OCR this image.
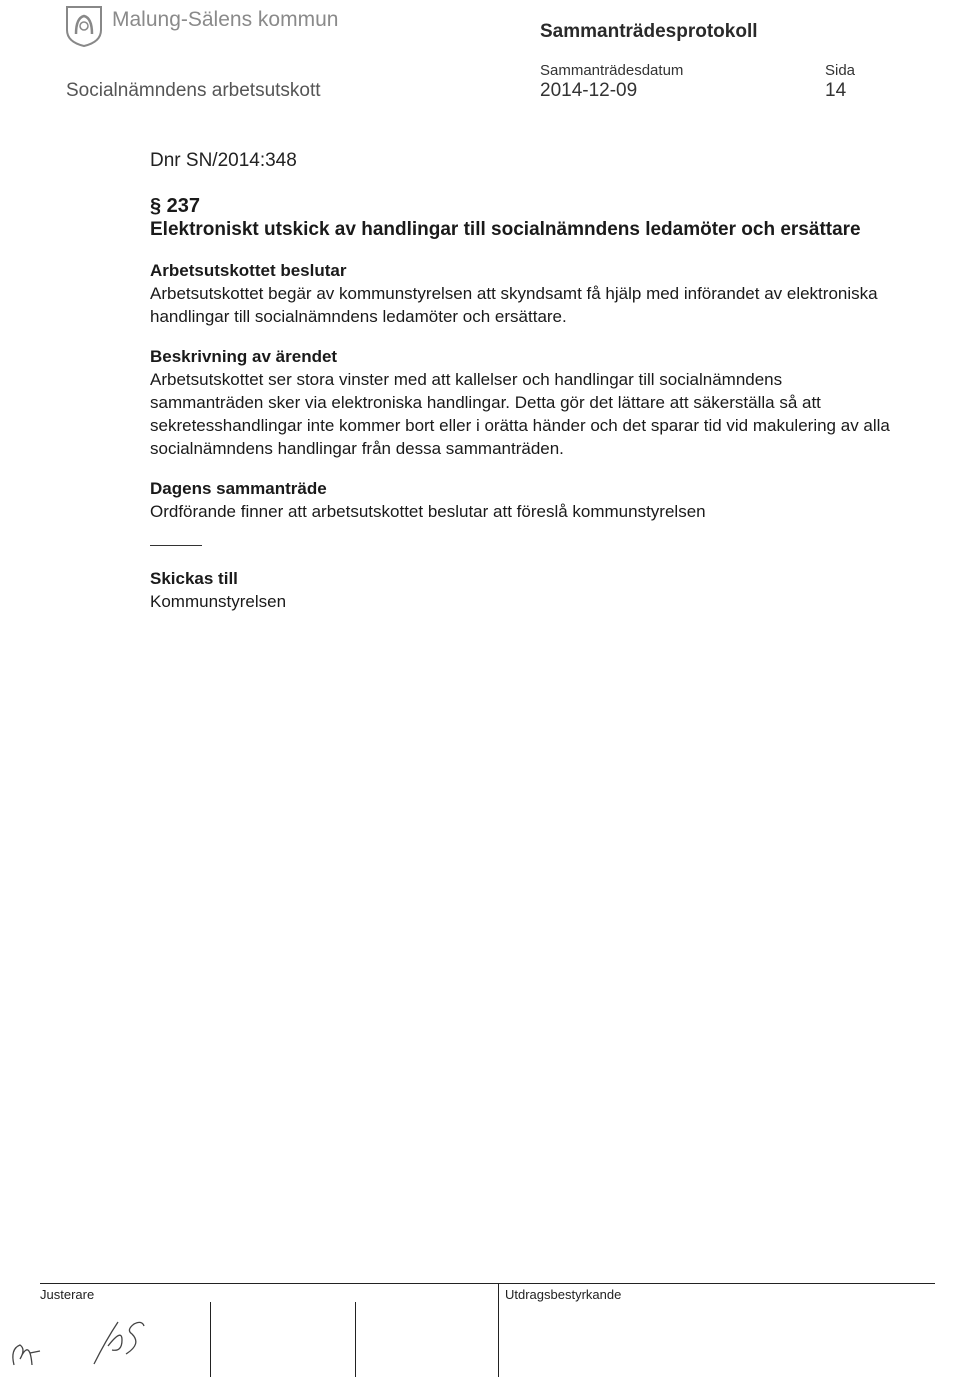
Malung-Sälens kommun
Sammanträdesprotokoll
Sammanträdesdatum	Sida
Socialnämndens arbetsutskott	2014-12-09	14
Dnr SN/2014:348
§ 237
Elektroniskt utskick av handlingar till socialnämndens ledamöter och ersättare
Arbetsutskottet beslutar
Arbetsutskottet begär av kommunstyrelsen att skyndsamt få hjälp med införandet av elektroniska handlingar till socialnämndens ledamöter och ersättare.
Beskrivning av ärendet
Arbetsutskottet ser stora vinster med att kallelser och handlingar till socialnämndens sammanträden sker via elektroniska handlingar. Detta gör det lättare att säkerställa så att sekretesshandlingar inte kommer bort eller i orätta händer och det sparar tid vid makulering av alla socialnämndens handlingar från dessa sammanträden.
Dagens sammanträde
Ordförande finner att arbetsutskottet beslutar att föreslå kommunstyrelsen
Skickas till
Kommunstyrelsen
Justerare	Utdragsbestyrkande
